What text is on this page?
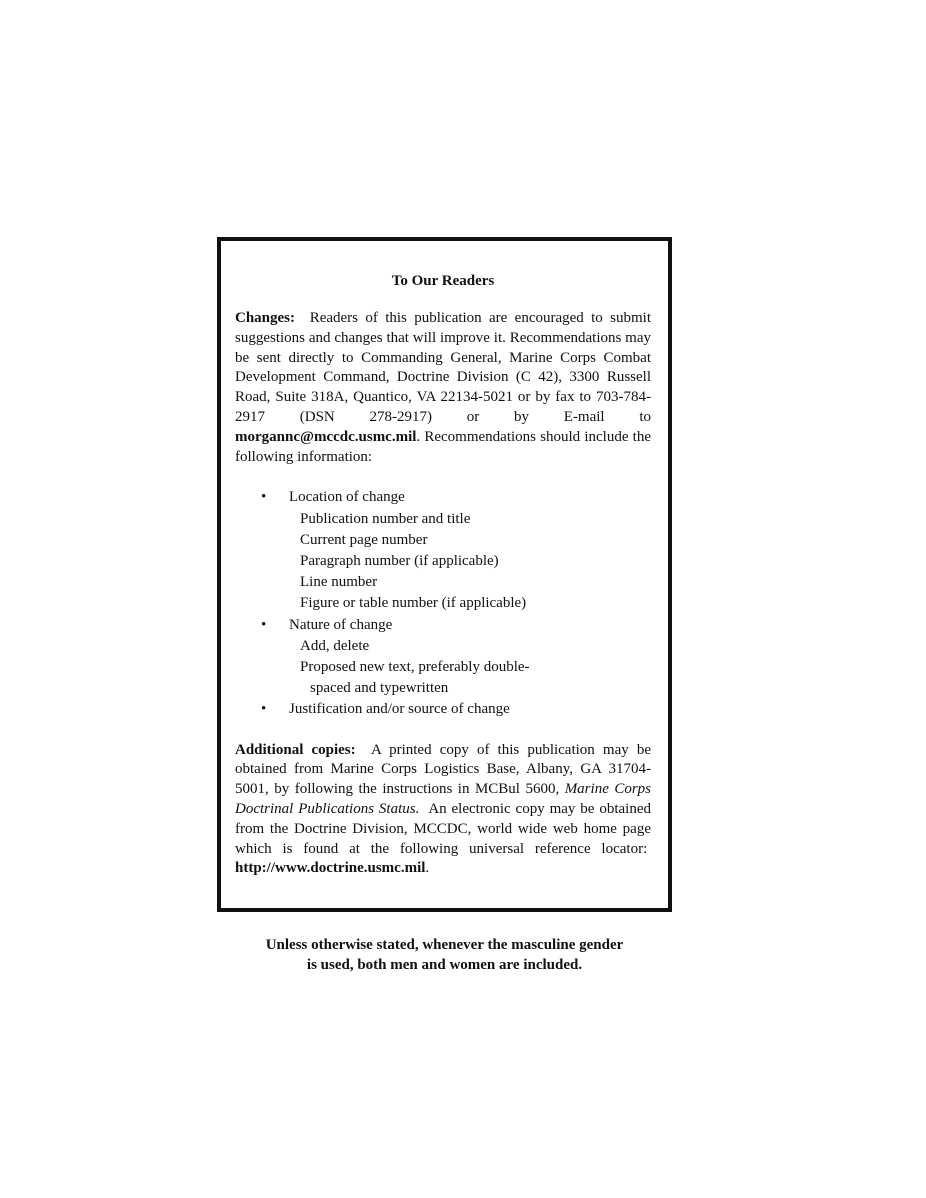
To Our Readers

Changes: Readers of this publication are encouraged to submit suggestions and changes that will improve it. Recommendations may be sent directly to Commanding General, Marine Corps Combat Development Command, Doctrine Division (C 42), 3300 Russell Road, Suite 318A, Quantico, VA 22134-5021 or by fax to 703-784-2917 (DSN 278-2917) or by E-mail to morgannc@mccdc.usmc.mil. Recommendations should include the following information:

• Location of change
Publication number and title
Current page number
Paragraph number (if applicable)
Line number
Figure or table number (if applicable)
• Nature of change
Add, delete
Proposed new text, preferably double-
spaced and typewritten
• Justification and/or source of change

Additional copies: A printed copy of this publication may be obtained from Marine Corps Logistics Base, Albany, GA 31704-5001, by following the instructions in MCBul 5600, Marine Corps Doctrinal Publications Status. An electronic copy may be obtained from the Doctrine Division, MCCDC, world wide web home page which is found at the following universal reference locator:  http://www.doctrine.usmc.mil.

Unless otherwise stated, whenever the masculine gender
is used, both men and women are included.
